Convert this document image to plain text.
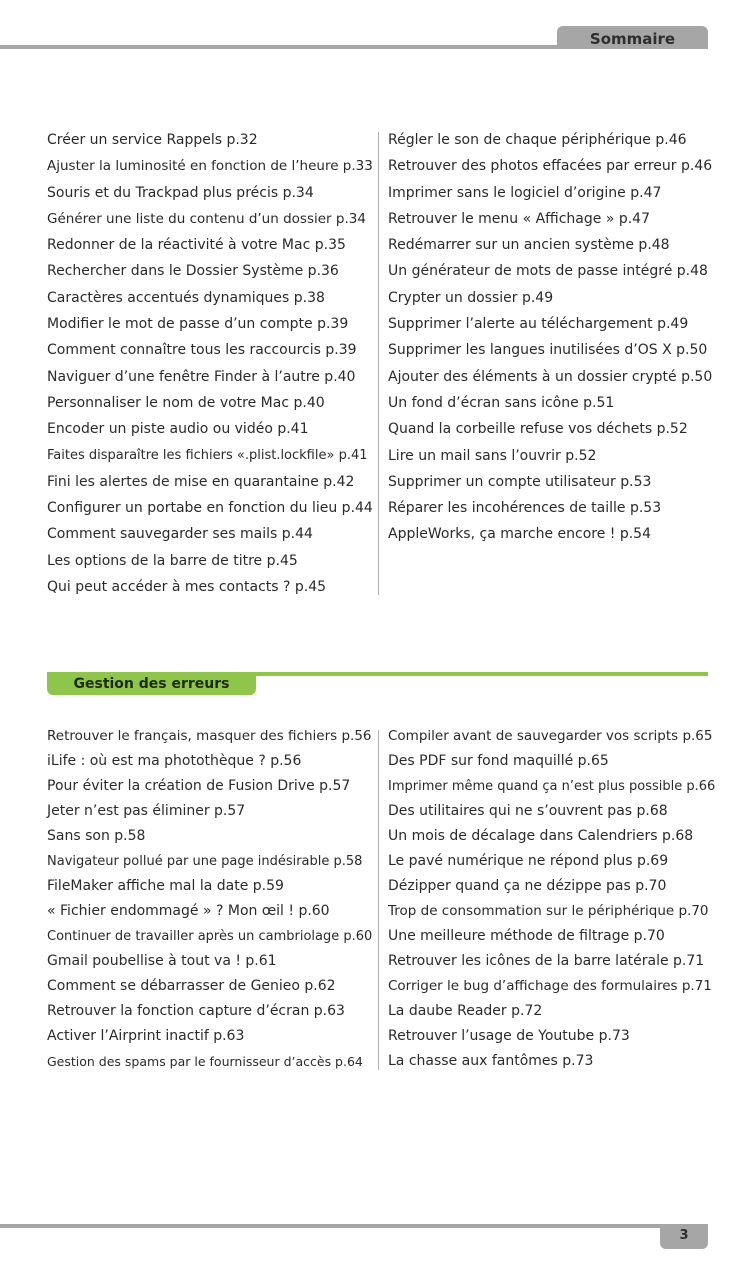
Sommaire
Créer un service Rappels p.32
Ajuster la luminosité en fonction de l’heure p.33
Souris et du Trackpad plus précis p.34
Générer une liste du contenu d’un dossier p.34
Redonner de la réactivité à votre Mac p.35
Rechercher dans le Dossier Système p.36
Caractères accentués dynamiques p.38
Modifier le mot de passe d’un compte p.39
Comment connaître tous les raccourcis p.39
Naviguer d’une fenêtre Finder à l’autre p.40
Personnaliser le nom de votre Mac p.40
Encoder un piste audio ou vidéo p.41
Faites disparaître les fichiers «.plist.lockfile» p.41
Fini les alertes de mise en quarantaine p.42
Configurer un portabe en fonction du lieu p.44
Comment sauvegarder ses mails p.44
Les options de la barre de titre p.45
Qui peut accéder à mes contacts ? p.45
Régler le son de chaque périphérique p.46
Retrouver des photos effacées par erreur p.46
Imprimer sans le logiciel d’origine p.47
Retrouver le menu « Affichage » p.47
Redémarrer sur un ancien système p.48
Un générateur de mots de passe intégré p.48
Crypter un dossier p.49
Supprimer l’alerte au téléchargement p.49
Supprimer les langues inutilisées d’OS X p.50
Ajouter des éléments à un dossier crypté p.50
Un fond d’écran sans icône p.51
Quand la corbeille refuse vos déchets p.52
Lire un mail sans l’ouvrir p.52
Supprimer un compte utilisateur p.53
Réparer les incohérences de taille p.53
AppleWorks, ça marche encore ! p.54
Gestion des erreurs
Retrouver le français, masquer des fichiers p.56
iLife : où est ma photothèque ? p.56
Pour éviter la création de Fusion Drive p.57
Jeter n’est pas éliminer p.57
Sans son p.58
Navigateur pollué par une page indésirable p.58
FileMaker affiche mal la date p.59
« Fichier endommagé » ? Mon œil ! p.60
Continuer de travailler après un cambriolage p.60
Gmail poubellise à tout va ! p.61
Comment se débarrasser de Genieo p.62
Retrouver la fonction capture d’écran p.63
Activer l’Airprint inactif p.63
Gestion des spams par le fournisseur d’accès p.64
Compiler avant de sauvegarder vos scripts p.65
Des PDF sur fond maquillé p.65
Imprimer même quand ça n’est plus possible p.66
Des utilitaires qui ne s’ouvrent pas p.68
Un mois de décalage dans Calendriers p.68
Le pavé numérique ne répond plus p.69
Dézipper quand ça ne dézippe pas p.70
Trop de consommation sur le périphérique p.70
Une meilleure méthode de filtrage p.70
Retrouver les icônes de la barre latérale p.71
Corriger le bug d’affichage des formulaires p.71
La daube Reader p.72
Retrouver l’usage de Youtube p.73
La chasse aux fantômes p.73
3
